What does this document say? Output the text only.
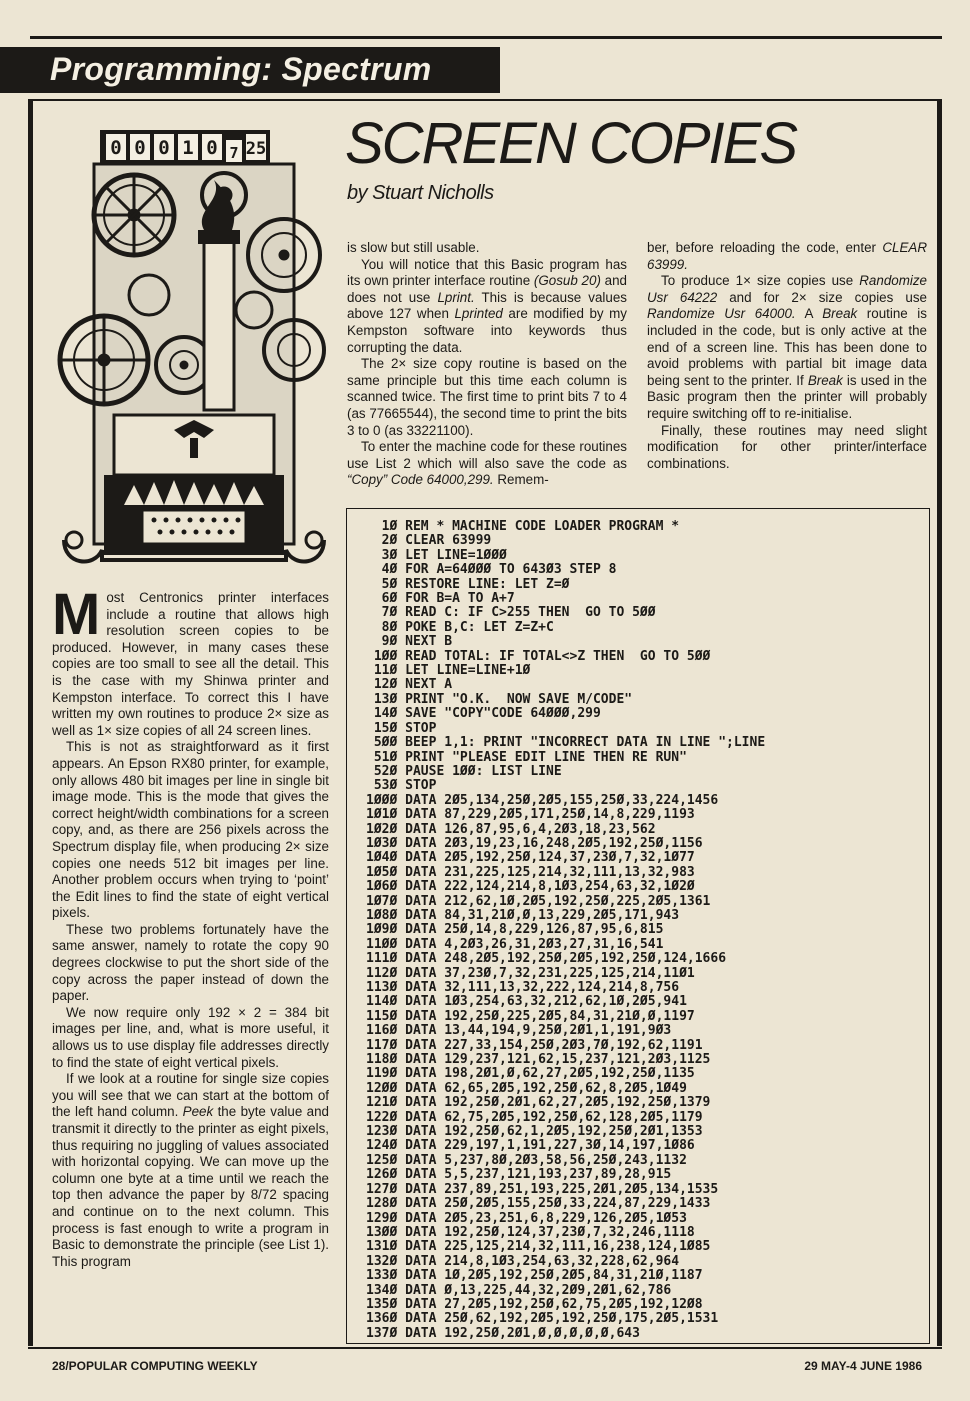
Programming: Spectrum
0 0 0 1 0 7 25 SCREEN COPIES
by Stuart Nicholls

Most Centronics printer interfaces include a routine that allows high resolution screen copies to be produced. However, in many cases these copies are too small to see all the detail. This is the case with my Shinwa printer and Kempston interface. To correct this I have written my own routines to produce 2× size as well as 1× size copies of all 24 screen lines.

This is not as straightforward as it first appears. An Epson RX80 printer, for example, only allows 480 bit images per line in single bit image mode. This is the mode that gives the correct height/width combinations for a screen copy, and, as there are 256 pixels across the Spectrum display file, when producing 2× size copies one needs 512 bit images per line. Another problem occurs when trying to ‘point’ the Edit lines to find the state of eight vertical pixels.

These two problems fortunately have the same answer, namely to rotate the copy 90 degrees clockwise to put the short side of the copy across the paper instead of down the paper.

We now require only 192 × 2 = 384 bit images per line, and, what is more useful, it allows us to use display file addresses directly to find the state of eight vertical pixels.

If we look at a routine for single size copies you will see that we can start at the bottom of the left hand column. Peek the byte value and transmit it directly to the printer as eight pixels, thus requiring no juggling of values associated with horizontal copying. We can move up the column one byte at a time until we reach the top then advance the paper by 8/72 spacing and continue on to the next column. This process is fast enough to write a program in Basic to demonstrate the principle (see List 1). This program

is slow but still usable.

You will notice that this Basic program has its own printer interface routine (Gosub 20) and does not use Lprint. This is because values above 127 when Lprinted are modified by my Kempston software into keywords thus corrupting the data.

The 2× size copy routine is based on the same principle but this time each column is scanned twice. The first time to print bits 7 to 4 (as 77665544), the second time to print the bits 3 to 0 (as 33221100).

To enter the machine code for these routines use List 2 which will also save the code as “Copy” Code 64000,299. Remem-

ber, before reloading the code, enter CLEAR 63999.

To produce 1× size copies use Randomize Usr 64222 and for 2× size copies use Randomize Usr 64000. A Break routine is included in the code, but is only active at the end of a screen line. This has been done to avoid problems with partial bit image data being sent to the printer. If Break is used in the Basic program then the printer will probably require switching off to re-initialise.

Finally, these routines may need slight modification for other printer/interface combinations.

1Ø REM * MACHINE CODE LOADER PROGRAM *
2Ø CLEAR 63999
3Ø LET LINE=1ØØØ
4Ø FOR A=64ØØØ TO 643Ø3 STEP 8
5Ø RESTORE LINE: LET Z=Ø
6Ø FOR B=A TO A+7
7Ø READ C: IF C>255 THEN  GO TO 5ØØ
8Ø POKE B,C: LET Z=Z+C
9Ø NEXT B
1ØØ READ TOTAL: IF TOTAL<>Z THEN  GO TO 5ØØ
11Ø LET LINE=LINE+1Ø
12Ø NEXT A
13Ø PRINT "O.K.  NOW SAVE M/CODE"
14Ø SAVE "COPY"CODE 64ØØØ,299
15Ø STOP
5ØØ BEEP 1,1: PRINT "INCORRECT DATA IN LINE ";LINE
51Ø PRINT "PLEASE EDIT LINE THEN RE RUN"
52Ø PAUSE 1ØØ: LIST LINE
53Ø STOP
1ØØØ DATA 2Ø5,134,25Ø,2Ø5,155,25Ø,33,224,1456
1Ø1Ø DATA 87,229,2Ø5,171,25Ø,14,8,229,1193
1Ø2Ø DATA 126,87,95,6,4,2Ø3,18,23,562
1Ø3Ø DATA 2Ø3,19,23,16,248,2Ø5,192,25Ø,1156
1Ø4Ø DATA 2Ø5,192,25Ø,124,37,23Ø,7,32,1Ø77
1Ø5Ø DATA 231,225,125,214,32,111,13,32,983
1Ø6Ø DATA 222,124,214,8,1Ø3,254,63,32,1Ø2Ø
1Ø7Ø DATA 212,62,1Ø,2Ø5,192,25Ø,225,2Ø5,1361
1Ø8Ø DATA 84,31,21Ø,Ø,13,229,2Ø5,171,943
1Ø9Ø DATA 25Ø,14,8,229,126,87,95,6,815
11ØØ DATA 4,2Ø3,26,31,2Ø3,27,31,16,541
111Ø DATA 248,2Ø5,192,25Ø,2Ø5,192,25Ø,124,1666
112Ø DATA 37,23Ø,7,32,231,225,125,214,11Ø1
113Ø DATA 32,111,13,32,222,124,214,8,756
114Ø DATA 1Ø3,254,63,32,212,62,1Ø,2Ø5,941
115Ø DATA 192,25Ø,225,2Ø5,84,31,21Ø,Ø,1197
116Ø DATA 13,44,194,9,25Ø,2Ø1,1,191,9Ø3
117Ø DATA 227,33,154,25Ø,2Ø3,7Ø,192,62,1191
118Ø DATA 129,237,121,62,15,237,121,2Ø3,1125
119Ø DATA 198,2Ø1,Ø,62,27,2Ø5,192,25Ø,1135
12ØØ DATA 62,65,2Ø5,192,25Ø,62,8,2Ø5,1Ø49
121Ø DATA 192,25Ø,2Ø1,62,27,2Ø5,192,25Ø,1379
122Ø DATA 62,75,2Ø5,192,25Ø,62,128,2Ø5,1179
123Ø DATA 192,25Ø,62,1,2Ø5,192,25Ø,2Ø1,1353
124Ø DATA 229,197,1,191,227,3Ø,14,197,1Ø86
125Ø DATA 5,237,8Ø,2Ø3,58,56,25Ø,243,1132
126Ø DATA 5,5,237,121,193,237,89,28,915
127Ø DATA 237,89,251,193,225,2Ø1,2Ø5,134,1535
128Ø DATA 25Ø,2Ø5,155,25Ø,33,224,87,229,1433
129Ø DATA 2Ø5,23,251,6,8,229,126,2Ø5,1Ø53
13ØØ DATA 192,25Ø,124,37,23Ø,7,32,246,1118
131Ø DATA 225,125,214,32,111,16,238,124,1Ø85
132Ø DATA 214,8,1Ø3,254,63,32,228,62,964
133Ø DATA 1Ø,2Ø5,192,25Ø,2Ø5,84,31,21Ø,1187
134Ø DATA Ø,13,225,44,32,2Ø9,2Ø1,62,786
135Ø DATA 27,2Ø5,192,25Ø,62,75,2Ø5,192,12Ø8
136Ø DATA 25Ø,62,192,2Ø5,192,25Ø,175,2Ø5,1531
137Ø DATA 192,25Ø,2Ø1,Ø,Ø,Ø,Ø,Ø,643
28/POPULAR COMPUTING WEEKLY	29 MAY-4 JUNE 1986
